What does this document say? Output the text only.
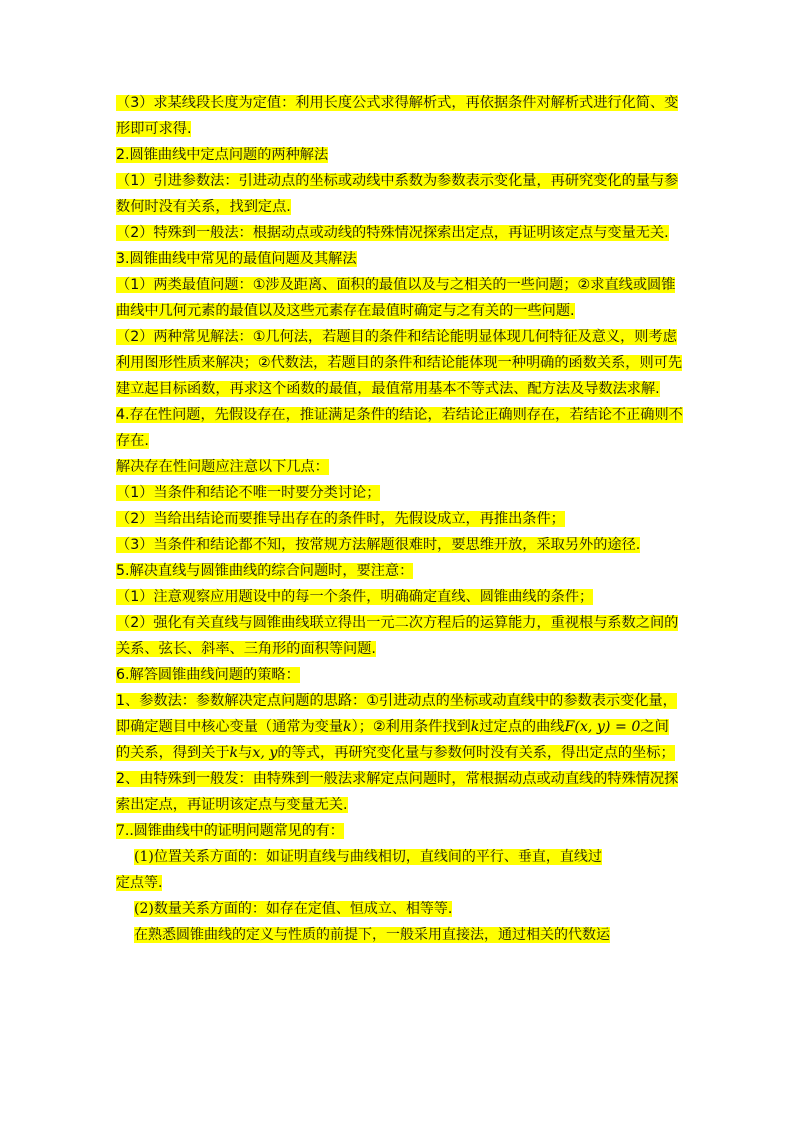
（3）求某线段长度为定值：利用长度公式求得解析式，再依据条件对解析式进行化简、变
形即可求得.
2.圆锥曲线中定点问题的两种解法
（1）引进参数法：引进动点的坐标或动线中系数为参数表示变化量，再研究变化的量与参
数何时没有关系，找到定点.
（2）特殊到一般法：根据动点或动线的特殊情况探索出定点，再证明该定点与变量无关.
3.圆锥曲线中常见的最值问题及其解法
（1）两类最值问题：①涉及距离、面积的最值以及与之相关的一些问题；②求直线或圆锥
曲线中几何元素的最值以及这些元素存在最值时确定与之有关的一些问题.
（2）两种常见解法：①几何法，若题目的条件和结论能明显体现几何特征及意义，则考虑
利用图形性质来解决；②代数法，若题目的条件和结论能体现一种明确的函数关系，则可先
建立起目标函数，再求这个函数的最值，最值常用基本不等式法、配方法及导数法求解.
4.存在性问题，先假设存在，推证满足条件的结论，若结论正确则存在，若结论不正确则不
存在.
解决存在性问题应注意以下几点：
（1）当条件和结论不唯一时要分类讨论；
（2）当给出结论而要推导出存在的条件时，先假设成立，再推出条件；
（3）当条件和结论都不知，按常规方法解题很难时，要思维开放，采取另外的途径.
5.解决直线与圆锥曲线的综合问题时，要注意：
（1）注意观察应用题设中的每一个条件，明确确定直线、圆锥曲线的条件；
（2）强化有关直线与圆锥曲线联立得出一元二次方程后的运算能力，重视根与系数之间的
关系、弦长、斜率、三角形的面积等问题.
6.解答圆锥曲线问题的策略：
1、参数法：参数解决定点问题的思路：①引进动点的坐标或动直线中的参数表示变化量，
即确定题目中核心变量（通常为变量k）；②利用条件找到k过定点的曲线F(x, y) = 0之间
的关系，得到关于k与x, y的等式，再研究变化量与参数何时没有关系，得出定点的坐标；
2、由特殊到一般发：由特殊到一般法求解定点问题时，常根据动点或动直线的特殊情况探
索出定点，再证明该定点与变量无关.
7..圆锥曲线中的证明问题常见的有：
(1)位置关系方面的：如证明直线与曲线相切，直线间的平行、垂直，直线过
定点等.
(2)数量关系方面的：如存在定值、恒成立、相等等.
在熟悉圆锥曲线的定义与性质的前提下，一般采用直接法，通过相关的代数运
